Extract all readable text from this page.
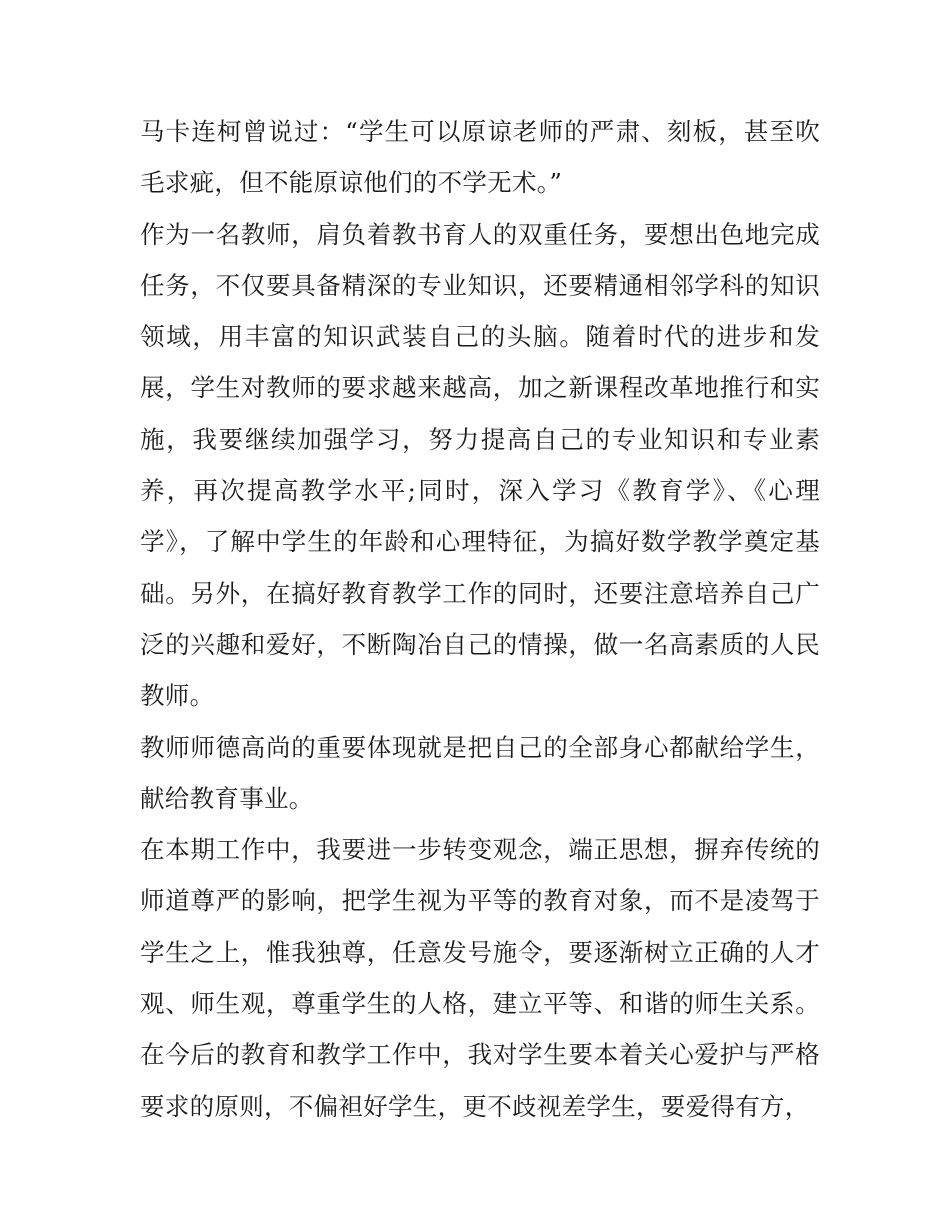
马卡连柯曾说过：“学生可以原谅老师的严肃、刻板，甚至吹毛求疵，但不能原谅他们的不学无术。”

作为一名教师，肩负着教书育人的双重任务，要想出色地完成任务，不仅要具备精深的专业知识，还要精通相邻学科的知识领域，用丰富的知识武装自己的头脑。随着时代的进步和发展，学生对教师的要求越来越高，加之新课程改革地推行和实施，我要继续加强学习，努力提高自己的专业知识和专业素养，再次提高教学水平;同时，深入学习《教育学》、《心理学》，了解中学生的年龄和心理特征，为搞好数学教学奠定基础。另外，在搞好教育教学工作的同时，还要注意培养自己广泛的兴趣和爱好，不断陶冶自己的情操，做一名高素质的人民教师。

教师师德高尚的重要体现就是把自己的全部身心都献给学生，献给教育事业。

在本期工作中，我要进一步转变观念，端正思想，摒弃传统的师道尊严的影响，把学生视为平等的教育对象，而不是凌驾于学生之上，惟我独尊，任意发号施令，要逐渐树立正确的人才观、师生观，尊重学生的人格，建立平等、和谐的师生关系。在今后的教育和教学工作中，我对学生要本着关心爱护与严格要求的原则，不偏袒好学生，更不歧视差学生，要爱得有方，
